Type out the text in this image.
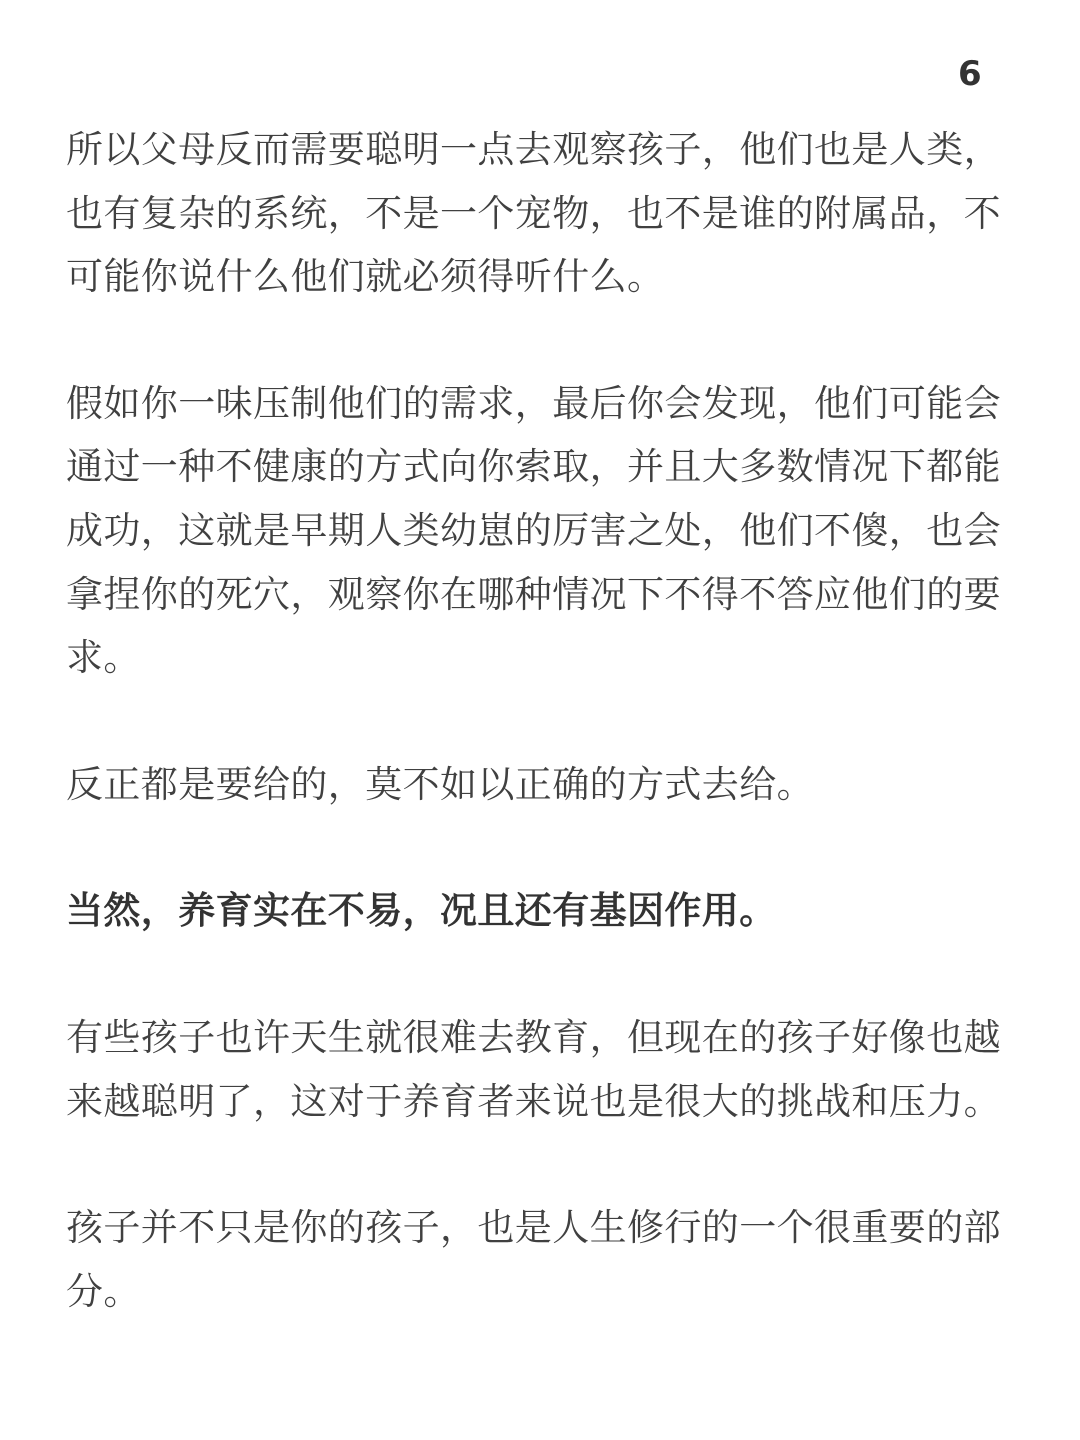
6

所以父母反而需要聪明一点去观察孩子，他们也是人类，
也有复杂的系统，不是一个宠物，也不是谁的附属品，不
可能你说什么他们就必须得听什么。

假如你一味压制他们的需求，最后你会发现，他们可能会
通过一种不健康的方式向你索取，并且大多数情况下都能
成功，这就是早期人类幼崽的厉害之处，他们不傻，也会
拿捏你的死穴，观察你在哪种情况下不得不答应他们的要
求。

反正都是要给的，莫不如以正确的方式去给。

当然，养育实在不易，况且还有基因作用。

有些孩子也许天生就很难去教育，但现在的孩子好像也越
来越聪明了，这对于养育者来说也是很大的挑战和压力。

孩子并不只是你的孩子，也是人生修行的一个很重要的部
分。
